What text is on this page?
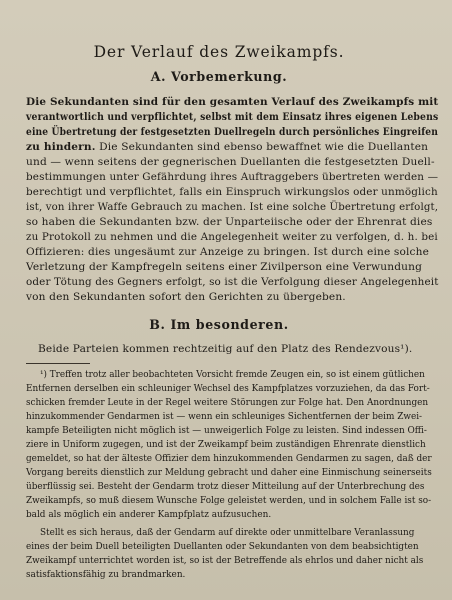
Der Verlauf des Zweikampfs.
A. Vorbemerkung.
Die Sekundanten sind für den gesamten Verlauf des Zweikampfs mit
verantwortlich und verpflichtet, selbst mit dem Einsatz ihres eigenen Lebens
eine Übertretung der festgesetzten Duellregeln durch persönliches Eingreifen
zu hindern. Die Sekundanten sind ebenso bewaffnet wie die Duellanten
und — wenn seitens der gegnerischen Duellanten die festgesetzten Duell-
bestimmungen unter Gefährdung ihres Auftraggebers übertreten werden —
berechtigt und verpflichtet, falls ein Einspruch wirkungslos oder unmöglich
ist, von ihrer Waffe Gebrauch zu machen. Ist eine solche Übertretung erfolgt,
so haben die Sekundanten bzw. der Unparteiische oder der Ehrenrat dies
zu Protokoll zu nehmen und die Angelegenheit weiter zu verfolgen, d. h. bei
Offizieren: dies ungesäumt zur Anzeige zu bringen. Ist durch eine solche
Verletzung der Kampfregeln seitens einer Zivilperson eine Verwundung
oder Tötung des Gegners erfolgt, so ist die Verfolgung dieser Angelegenheit
von den Sekundanten sofort den Gerichten zu übergeben.
B. Im besonderen.
Beide Parteien kommen rechtzeitig auf den Platz des Rendezvous¹).
¹) Treffen trotz aller beobachteten Vorsicht fremde Zeugen ein, so ist einem gütlichen
Entfernen derselben ein schleuniger Wechsel des Kampfplatzes vorzuziehen, da das Fort-
schicken fremder Leute in der Regel weitere Störungen zur Folge hat. Den Anordnungen
hinzukommender Gendarmen ist — wenn ein schleuniges Sichentfernen der beim Zwei-
kampfe Beteiligten nicht möglich ist — unweigerlich Folge zu leisten. Sind indessen Offi-
ziere in Uniform zugegen, und ist der Zweikampf beim zuständigen Ehrenrate dienstlich
gemeldet, so hat der älteste Offizier dem hinzukommenden Gendarmen zu sagen, daß der
Vorgang bereits dienstlich zur Meldung gebracht und daher eine Einmischung seinerseits
überflüssig sei. Besteht der Gendarm trotz dieser Mitteilung auf der Unterbrechung des
Zweikampfs, so muß diesem Wunsche Folge geleistet werden, und in solchem Falle ist so-
bald als möglich ein anderer Kampfplatz aufzusuchen.
Stellt es sich heraus, daß der Gendarm auf direkte oder unmittelbare Veranlassung
eines der beim Duell beteiligten Duellanten oder Sekundanten von dem beabsichtigten
Zweikampf unterrichtet worden ist, so ist der Betreffende als ehrlos und daher nicht als
satisfaktionsfähig zu brandmarken.
